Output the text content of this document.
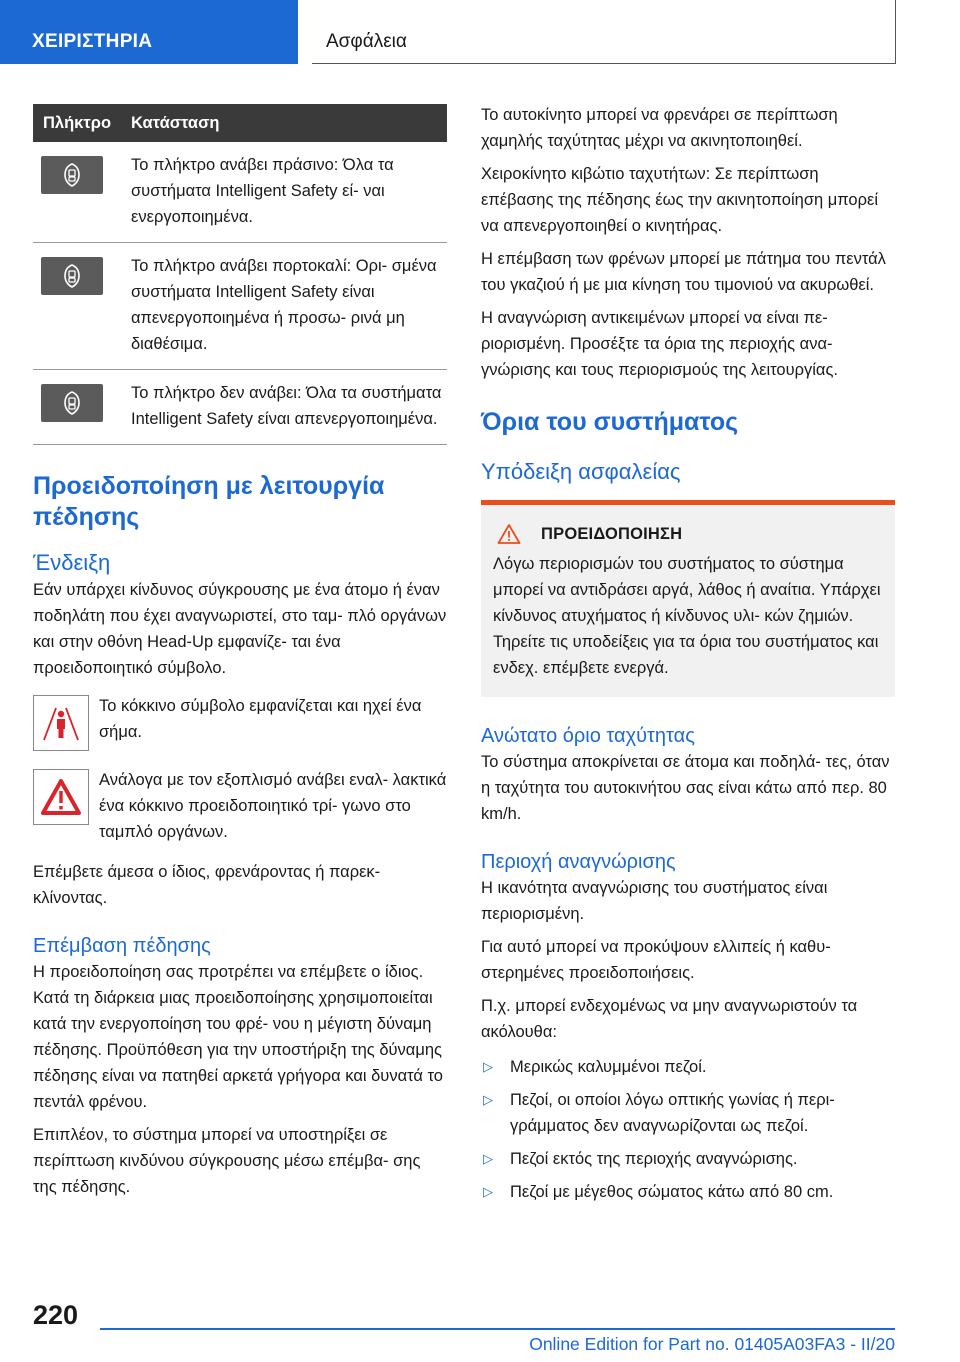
ΧΕΙΡΙΣΤΗΡΙΑ	Ασφάλεια
Πλήκτρο	Κατάσταση
Το πλήκτρο ανάβει πράσινο: Όλα τα συστήματα Intelligent Safety εί- ναι ενεργοποιημένα.
Το πλήκτρο ανάβει πορτοκαλί: Ορι- σμένα συστήματα Intelligent Safety είναι απενεργοποιημένα ή προσω- ρινά μη διαθέσιμα.
Το πλήκτρο δεν ανάβει: Όλα τα συστήματα Intelligent Safety είναι απενεργοποιημένα.
Προειδοποίηση με λειτουργία πέδησης
Ένδειξη

Εάν υπάρχει κίνδυνος σύγκρουσης με ένα άτομο ή έναν ποδηλάτη που έχει αναγνωριστεί, στο ταμ- πλό οργάνων και στην οθόνη Head-Up εμφανίζε- ται ένα προειδοποιητικό σύμβολο.

Το κόκκινο σύμβολο εμφανίζεται και ηχεί ένα σήμα.

Ανάλογα με τον εξοπλισμό ανάβει εναλ- λακτικά ένα κόκκινο προειδοποιητικό τρί- γωνο στο ταμπλό οργάνων.

Επέμβετε άμεσα ο ίδιος, φρενάροντας ή παρεκ- κλίνοντας.

Επέμβαση πέδησης

Η προειδοποίηση σας προτρέπει να επέμβετε ο ίδιος. Κατά τη διάρκεια μιας προειδοποίησης χρησιμοποιείται κατά την ενεργοποίηση του φρέ- νου η μέγιστη δύναμη πέδησης. Προϋπόθεση για την υποστήριξη της δύναμης πέδησης είναι να πατηθεί αρκετά γρήγορα και δυνατά το πεντάλ φρένου.

Επιπλέον, το σύστημα μπορεί να υποστηρίξει σε περίπτωση κινδύνου σύγκρουσης μέσω επέμβα- σης της πέδησης.

Το αυτοκίνητο μπορεί να φρενάρει σε περίπτωση χαμηλής ταχύτητας μέχρι να ακινητοποιηθεί.

Χειροκίνητο κιβώτιο ταχυτήτων: Σε περίπτωση επέβασης της πέδησης έως την ακινητοποίηση μπορεί να απενεργοποιηθεί ο κινητήρας.

Η επέμβαση των φρένων μπορεί με πάτημα του πεντάλ του γκαζιού ή με μια κίνηση του τιμονιού να ακυρωθεί.

Η αναγνώριση αντικειμένων μπορεί να είναι πε- ριορισμένη. Προσέξτε τα όρια της περιοχής ανα- γνώρισης και τους περιορισμούς της λειτουργίας.

Όρια του συστήματος
Υπόδειξη ασφαλείας
ΠΡΟΕΙΔΟΠΟΙΗΣΗ

Λόγω περιορισμών του συστήματος το σύστημα μπορεί να αντιδράσει αργά, λάθος ή αναίτια. Υπάρχει κίνδυνος ατυχήματος ή κίνδυνος υλι- κών ζημιών. Τηρείτε τις υποδείξεις για τα όρια του συστήματος και ενδεχ. επέμβετε ενεργά.

Ανώτατο όριο ταχύτητας

Το σύστημα αποκρίνεται σε άτομα και ποδηλά- τες, όταν η ταχύτητα του αυτοκινήτου σας είναι κάτω από περ. 80 km/h.

Περιοχή αναγνώρισης

Η ικανότητα αναγνώρισης του συστήματος είναι περιορισμένη.

Για αυτό μπορεί να προκύψουν ελλιπείς ή καθυ- στερημένες προειδοποιήσεις.

Π.χ. μπορεί ενδεχομένως να μην αναγνωριστούν τα ακόλουθα:

▷	Μερικώς καλυμμένοι πεζοί.

▷	Πεζοί, οι οποίοι λόγω οπτικής γωνίας ή περι- γράμματος δεν αναγνωρίζονται ως πεζοί.

▷	Πεζοί εκτός της περιοχής αναγνώρισης.

▷	Πεζοί με μέγεθος σώματος κάτω από 80 cm.

220
Online Edition for Part no. 01405A03FA3 - II/20
